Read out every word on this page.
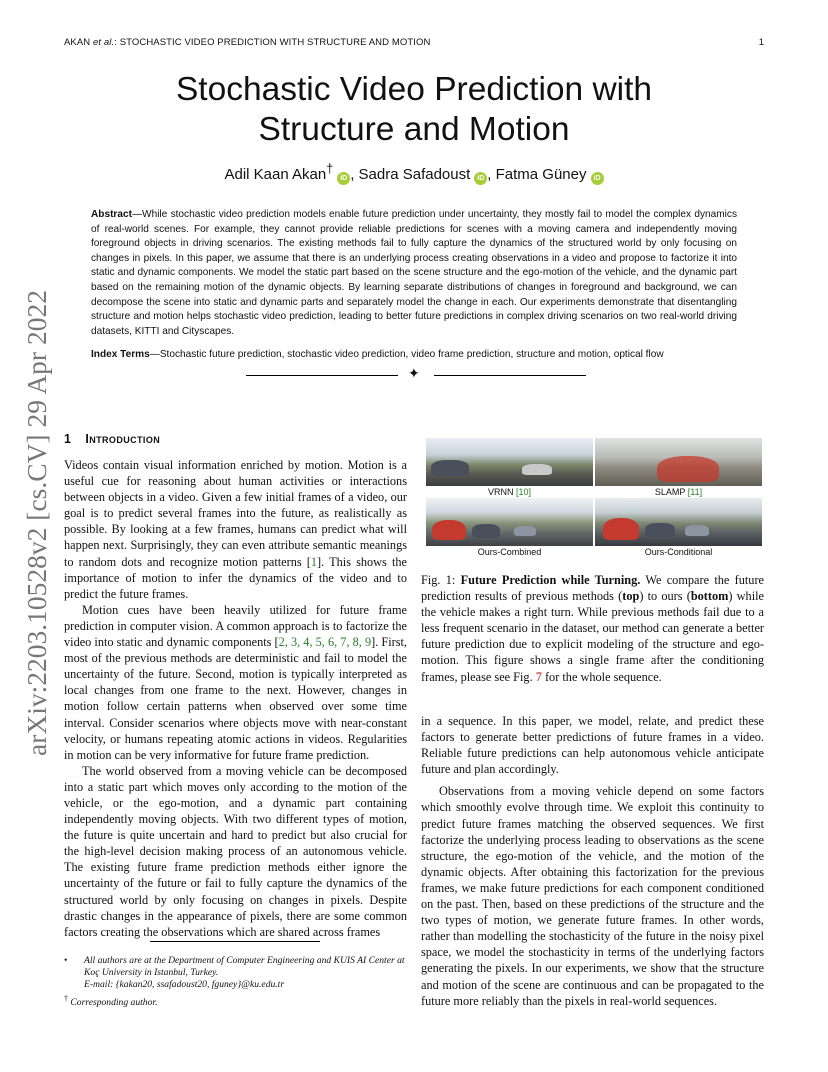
AKAN et al.: STOCHASTIC VIDEO PREDICTION WITH STRUCTURE AND MOTION	1
arXiv:2203.10528v2 [cs.CV] 29 Apr 2022
Stochastic Video Prediction with
Structure and Motion
Adil Kaan Akan†iD , Sadra Safadoust iD , Fatma Güney iD
Abstract—While stochastic video prediction models enable future prediction under uncertainty, they mostly fail to model the complex dynamics of real-world scenes. For example, they cannot provide reliable predictions for scenes with a moving camera and independently moving foreground objects in driving scenarios. The existing methods fail to fully capture the dynamics of the structured world by only focusing on changes in pixels. In this paper, we assume that there is an underlying process creating observations in a video and propose to factorize it into static and dynamic components. We model the static part based on the scene structure and the ego-motion of the vehicle, and the dynamic part based on the remaining motion of the dynamic objects. By learning separate distributions of changes in foreground and background, we can decompose the scene into static and dynamic parts and separately model the change in each. Our experiments demonstrate that disentangling structure and motion helps stochastic video prediction, leading to better future predictions in complex driving scenarios on two real-world driving datasets, KITTI and Cityscapes.
Index Terms—Stochastic future prediction, stochastic video prediction, video frame prediction, structure and motion, optical flow
✦
1 Introduction

Videos contain visual information enriched by motion. Motion is a useful cue for reasoning about human activities or interactions between objects in a video. Given a few initial frames of a video, our goal is to predict several frames into the future, as realistically as possible. By looking at a few frames, humans can predict what will happen next. Surprisingly, they can even attribute semantic meanings to random dots and recognize motion patterns [1]. This shows the importance of motion to infer the dynamics of the video and to predict the future frames.

Motion cues have been heavily utilized for future frame prediction in computer vision. A common approach is to factorize the video into static and dynamic components [2, 3, 4, 5, 6, 7, 8, 9]. First, most of the previous methods are deterministic and fail to model the uncertainty of the future. Second, motion is typically interpreted as local changes from one frame to the next. However, changes in motion follow certain patterns when observed over some time interval. Consider scenarios where objects move with near-constant velocity, or humans repeating atomic actions in videos. Regularities in motion can be very informative for future frame prediction.

The world observed from a moving vehicle can be decomposed into a static part which moves only according to the motion of the vehicle, or the ego-motion, and a dynamic part containing independently moving objects. With two different types of motion, the future is quite uncertain and hard to predict but also crucial for the high-level decision making process of an autonomous vehicle. The existing future frame prediction methods either ignore the uncertainty of the future or fail to fully capture the dynamics of the structured world by only focusing on changes in pixels. Despite drastic changes in the appearance of pixels, there are some common factors creating the observations which are shared across frames

VRNN [10]	SLAMP [11]
Ours-Combined	Ours-Conditional
Fig. 1: Future Prediction while Turning. We compare the future prediction results of previous methods (top) to ours (bottom) while the vehicle makes a right turn. While previous methods fail due to a less frequent scenario in the dataset, our method can generate a better future prediction due to explicit modeling of the structure and ego-motion. This figure shows a single frame after the conditioning frames, please see Fig. 7 for the whole sequence.

in a sequence. In this paper, we model, relate, and predict these factors to generate better predictions of future frames in a video. Reliable future predictions can help autonomous vehicle anticipate future and plan accordingly.

Observations from a moving vehicle depend on some factors which smoothly evolve through time. We exploit this continuity to predict future frames matching the observed sequences. We first factorize the underlying process leading to observations as the scene structure, the ego-motion of the vehicle, and the motion of the dynamic objects. After obtaining this factorization for the previous frames, we make future predictions for each component conditioned on the past. Then, based on these predictions of the structure and the two types of motion, we generate future frames. In other words, rather than modelling the stochasticity of the future in the noisy pixel space, we model the stochasticity in terms of the underlying factors generating the pixels. In our experiments, we show that the structure and motion of the scene are continuous and can be propagated to the future more reliably than the pixels in real-world sequences.

• All authors are at the Department of Computer Engineering and KUIS AI Center at Koç University in Istanbul, Turkey.
E-mail: {kakan20, ssafadoust20, fguney}@ku.edu.tr
† Corresponding author.
